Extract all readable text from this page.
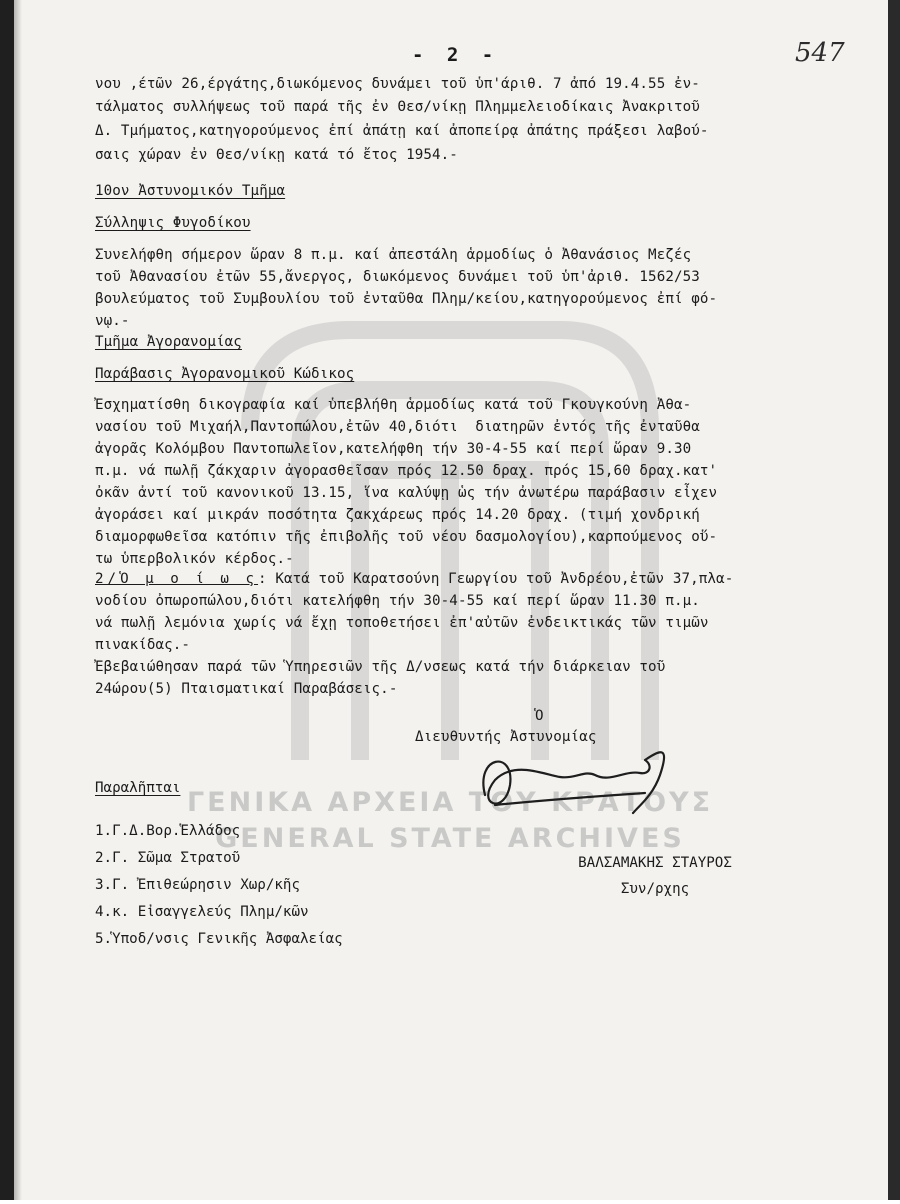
ΓΕΝΙΚΑ ΑΡΧΕΙΑ ΤΟΥ ΚΡΑΤΟΥΣ
GENERAL STATE ARCHIVES
- 2 -	547
νου ,έτῶν 26,έργάτης,διωκόμενος δυνάμει τοῦ ὑπ'άριθ. 7 ἀπό 19.4.55 ἐν-
τάλματος συλλήψεως τοῦ παρά τῆς ἐν Θεσ/νίκῃ Πλημμελειοδίκαις Ἀνακριτοῦ
Δ. Τμήματος,κατηγορούμενος ἐπί ἀπάτῃ καί ἀποπείρᾳ ἀπάτης πράξεσι λαβού-
σαις χώραν ἐν Θεσ/νίκῃ κατά τό ἔτος 1954.-
10ον Ἀστυνομικόν Τμῆμα
Σύλληψις Φυγοδίκου
Συνελήφθη σήμερον ὥραν 8 π.μ. καί ἀπεστάλη ἁρμοδίως ὁ Ἀθανάσιος Μεζές
τοῦ Ἀθανασίου ἐτῶν 55,ἄνεργος, διωκόμενος δυνάμει τοῦ ὑπ'ἀριθ. 1562/53
βουλεύματος τοῦ Συμβουλίου τοῦ ἐνταῦθα Πλημ/κείου,κατηγορούμενος ἐπί φό-
νῳ.-
Τμῆμα Ἀγορανομίας
Παράβασις Ἀγορανομικοῦ Κώδικος
Ἐσχηματίσθη δικογραφία καί ὑπεβλήθη ἁρμοδίως κατά τοῦ Γκουγκούνη Ἀθα-
νασίου τοῦ Μιχαήλ,Παντοπώλου,ἐτῶν 40,διότι  διατηρῶν ἐντός τῆς ἐνταῦθα
ἀγορᾶς Κολόμβου Παντοπωλεῖον,κατελήφθη τήν 30-4-55 καί περί ὥραν 9.30
π.μ. νά πωλῇ ζάκχαριν ἀγορασθεῖσαν πρός 12.50 δραχ. πρός 15,60 δραχ.κατ'
ὀκᾶν ἀντί τοῦ κανονικοῦ 13.15, ἵνα καλύψῃ ὡς τήν ἀνωτέρω παράβασιν εἶχεν
ἀγοράσει καί μικράν ποσότητα ζακχάρεως πρός 14.20 δραχ. (τιμή χονδρική
διαμορφωθεῖσα κατόπιν τῆς ἐπιβολῆς τοῦ νέου δασμολογίου),καρπούμενος οὕ-
τω ὑπερβολικόν κέρδος.-
2/Ὁ μ ο ί ω ς: Κατά τοῦ Καρατσούνη Γεωργίου τοῦ Ἀνδρέου,ἐτῶν 37,πλα-
νοδίου ὀπωροπώλου,διότι κατελήφθη τήν 30-4-55 καί περί ὥραν 11.30 π.μ.
νά πωλῇ λεμόνια χωρίς νά ἔχῃ τοποθετήσει ἐπ'αὐτῶν ἐνδεικτικάς τῶν τιμῶν
πινακίδας.-
Ἐβεβαιώθησαν παρά τῶν Ὑπηρεσιῶν τῆς Δ/νσεως κατά τήν διάρκειαν τοῦ
24ώρου(5) Πταισματικαί Παραβάσεις.-
Ὁ
Διευθυντής Ἀστυνομίας
ΒΑΛΣΑΜΑΚΗΣ ΣΤΑΥΡΟΣ
Συν/ρχης
Παραλῆπται
1.Γ.Δ.Βορ.Ἑλλάδος
2.Γ. Σῶμα Στρατοῦ
3.Γ. Ἐπιθεώρησιν Χωρ/κῆς
4.κ. Εἰσαγγελεύς Πλημ/κῶν
5.Ὑποδ/νσις Γενικῆς Ἀσφαλείας
